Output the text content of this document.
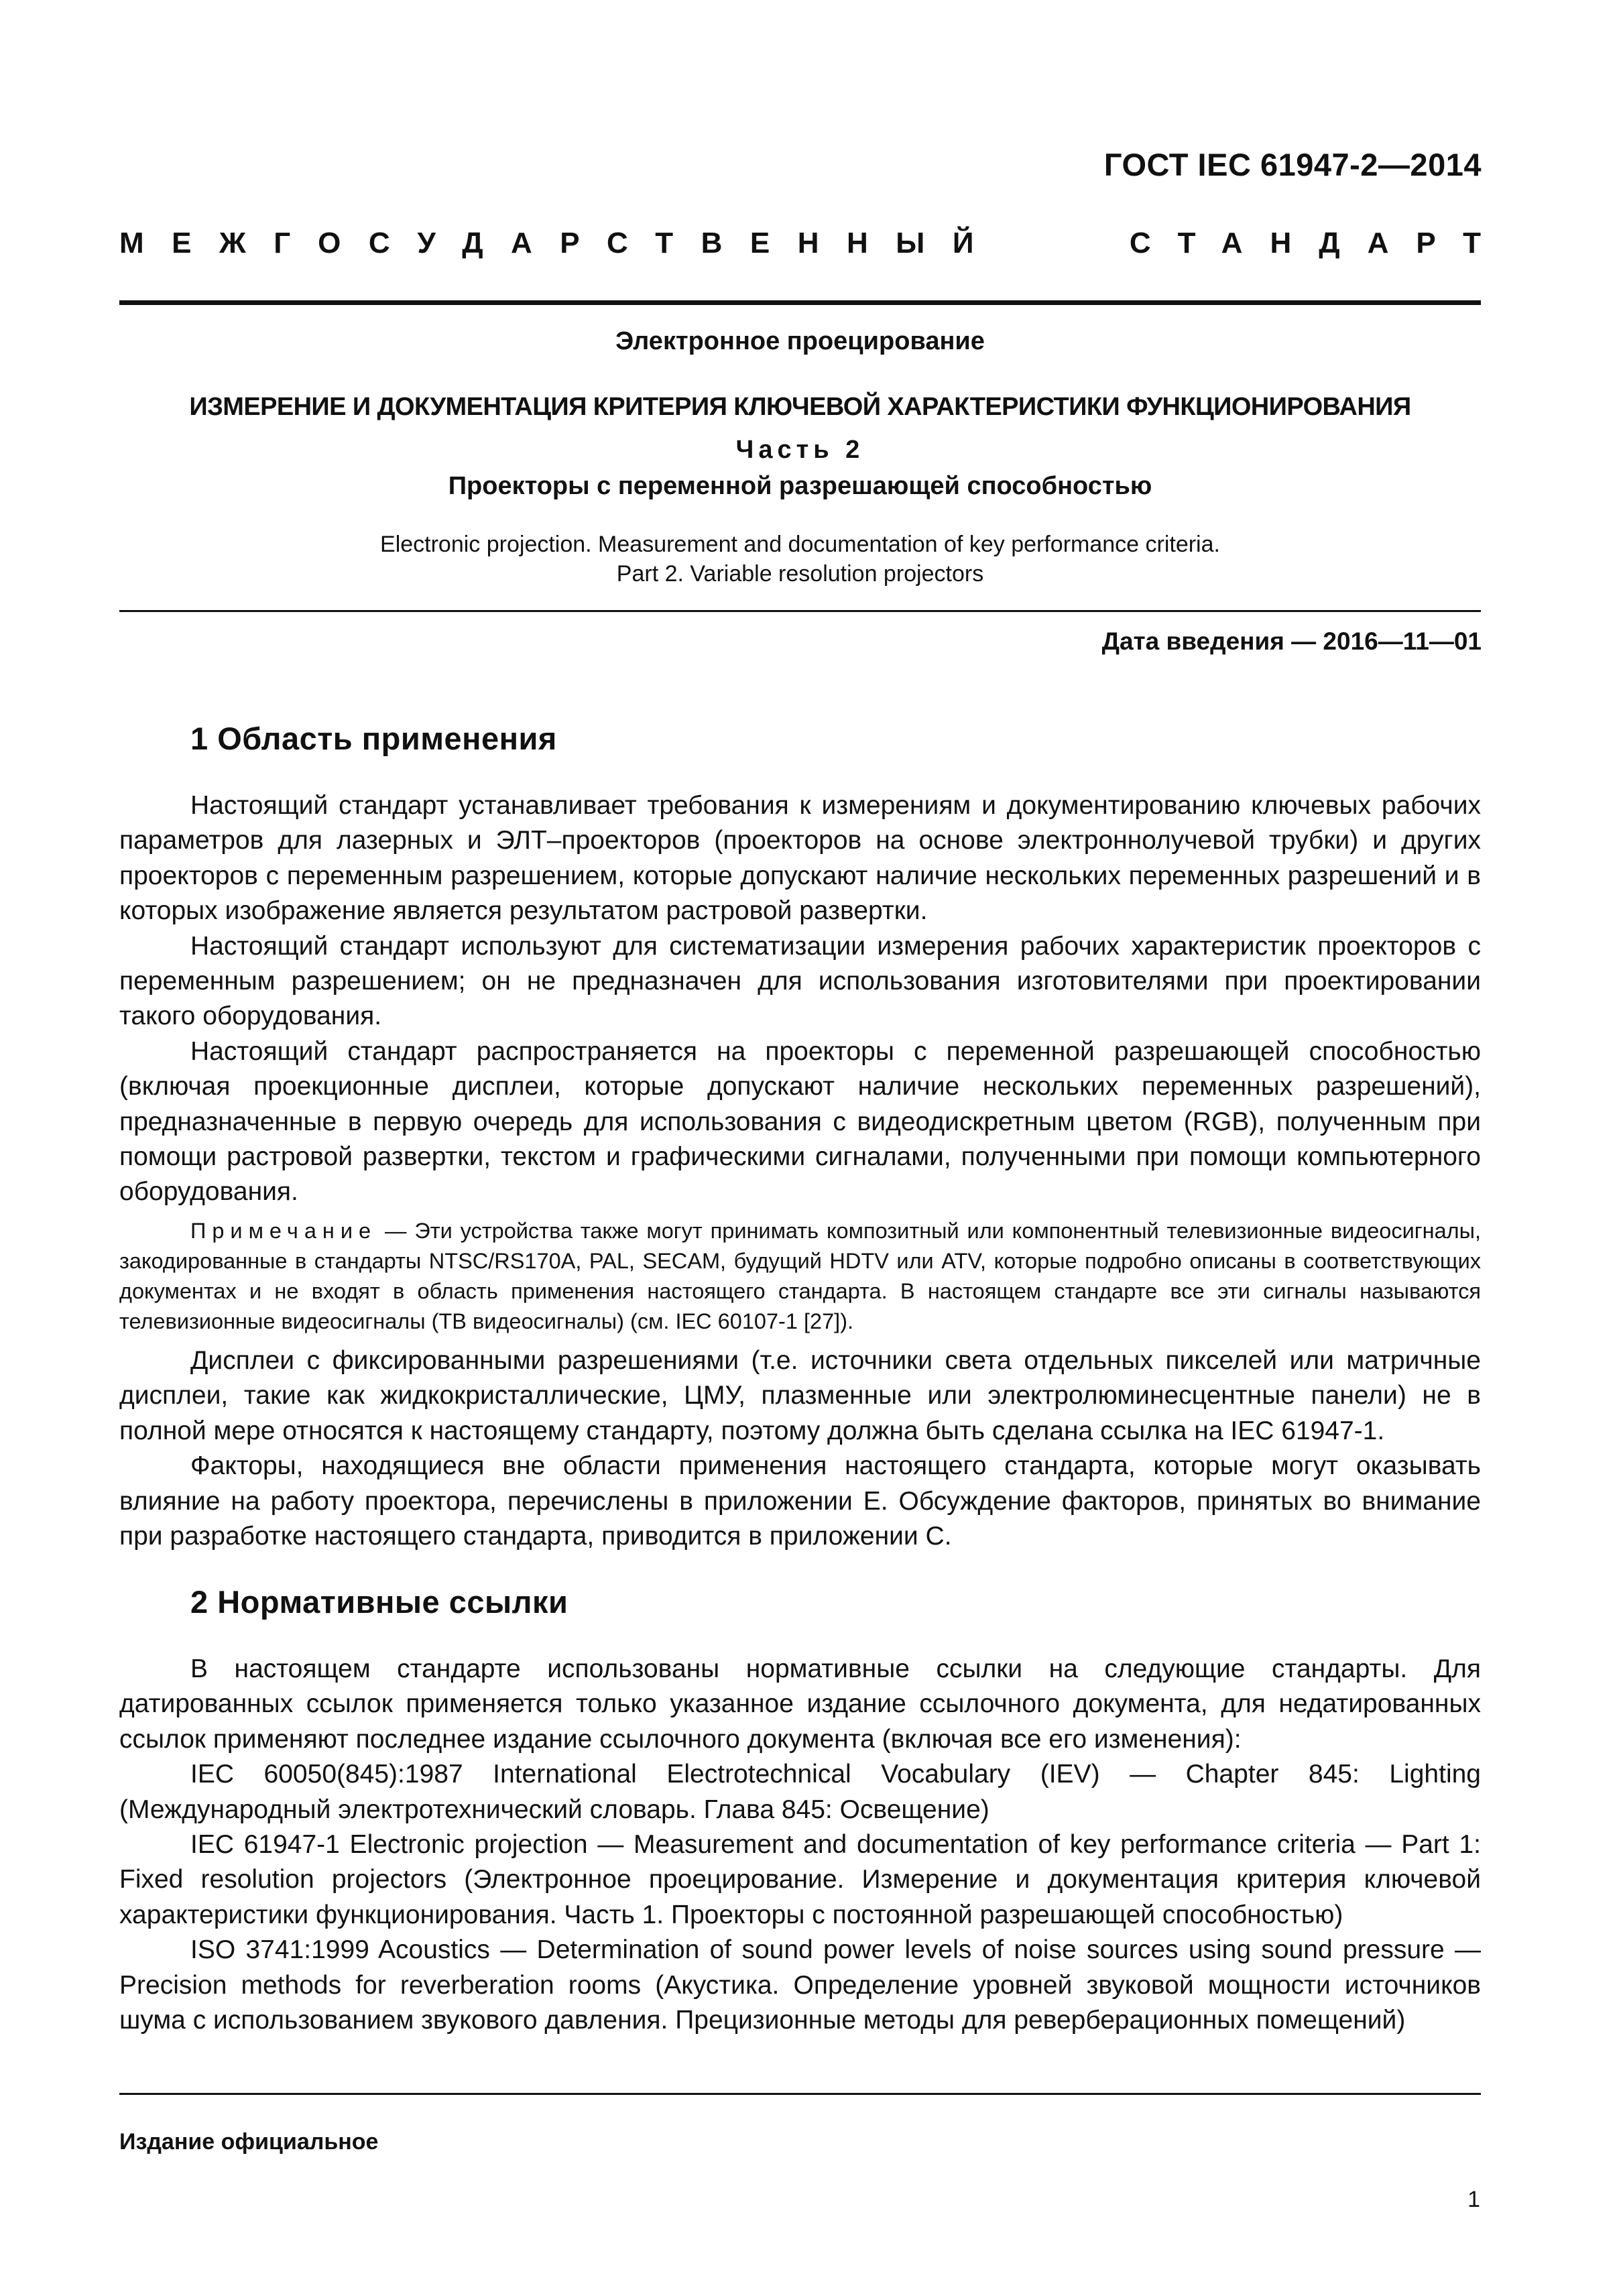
ГОСТ IEC 61947-2—2014
МЕЖГОСУДАРСТВЕННЫЙ	СТАНДАРТ
Электронное проецирование
ИЗМЕРЕНИЕ И ДОКУМЕНТАЦИЯ КРИТЕРИЯ КЛЮЧЕВОЙ ХАРАКТЕРИСТИКИ ФУНКЦИОНИРОВАНИЯ
Часть 2
Проекторы с переменной разрешающей способностью
Electronic projection. Measurement and documentation of key performance criteria.
Part 2. Variable resolution projectors
Дата введения — 2016—11—01
1 Область применения

Настоящий стандарт устанавливает требования к измерениям и документированию ключевых рабочих параметров для лазерных и ЭЛТ–проекторов (проекторов на основе электроннолучевой трубки) и других проекторов с переменным разрешением, которые допускают наличие нескольких переменных разрешений и в которых изображение является результатом растровой развертки.

Настоящий стандарт используют для систематизации измерения рабочих характеристик проекторов с переменным разрешением; он не предназначен для использования изготовителями при проектировании такого оборудования.

Настоящий стандарт распространяется на проекторы с переменной разрешающей способностью (включая проекционные дисплеи, которые допускают наличие нескольких переменных разрешений), предназначенные в первую очередь для использования с видеодискретным цветом (RGB), полученным при помощи растровой развертки, текстом и графическими сигналами, полученными при помощи компьютерного оборудования.

Примечание — Эти устройства также могут принимать композитный или компонентный телевизионные видеосигналы, закодированные в стандарты NTSC/RS170A, PAL, SECAM, будущий HDTV или ATV, которые подробно описаны в соответствующих документах и не входят в область применения настоящего стандарта. В настоящем стандарте все эти сигналы называются телевизионные видеосигналы (ТВ видеосигналы) (см. IEC 60107-1 [27]).

Дисплеи с фиксированными разрешениями (т.е. источники света отдельных пикселей или матричные дисплеи, такие как жидкокристаллические, ЦМУ, плазменные или электролюминесцентные панели) не в полной мере относятся к настоящему стандарту, поэтому должна быть сделана ссылка на IEC 61947-1.

Факторы, находящиеся вне области применения настоящего стандарта, которые могут оказывать влияние на работу проектора, перечислены в приложении E. Обсуждение факторов, принятых во внимание при разработке настоящего стандарта, приводится в приложении C.

2 Нормативные ссылки

В настоящем стандарте использованы нормативные ссылки на следующие стандарты. Для датированных ссылок применяется только указанное издание ссылочного документа, для недатированных ссылок применяют последнее издание ссылочного документа (включая все его изменения):

IEC 60050(845):1987 International Electrotechnical Vocabulary (IEV) — Chapter 845: Lighting (Международный электротехнический словарь. Глава 845: Освещение)

IEC 61947-1 Electronic projection — Measurement and documentation of key performance criteria — Part 1: Fixed resolution projectors (Электронное проецирование. Измерение и документация критерия ключевой характеристики функционирования. Часть 1. Проекторы с постоянной разрешающей способностью)

ISO 3741:1999 Acoustics — Determination of sound power levels of noise sources using sound pressure — Precision methods for reverberation rooms (Акустика. Определение уровней звуковой мощности источников шума с использованием звукового давления. Прецизионные методы для реверберационных помещений)

Издание официальное
1
